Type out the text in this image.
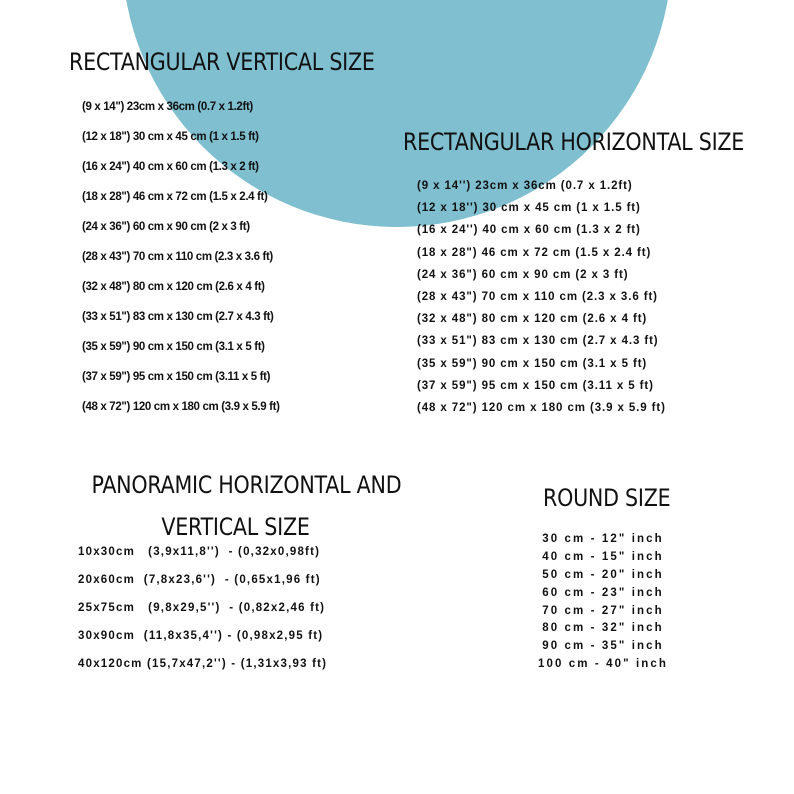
RECTANGULAR VERTICAL SIZE
(9 x 14") 23cm x 36cm (0.7 x 1.2ft)
(12 x 18") 30 cm x 45 cm (1 x 1.5 ft)
(16 x 24") 40 cm x 60 cm (1.3 x 2 ft)
(18 x 28") 46 cm x 72 cm (1.5 x 2.4 ft)
(24 x 36") 60 cm x 90 cm (2 x 3 ft)
(28 x 43") 70 cm x 110 cm (2.3 x 3.6 ft)
(32 x 48") 80 cm x 120 cm (2.6 x 4 ft)
(33 x 51") 83 cm x 130 cm (2.7 x 4.3 ft)
(35 x 59") 90 cm x 150 cm (3.1 x 5 ft)
(37 x 59") 95 cm x 150 cm (3.11 x 5 ft)
(48 x 72") 120 cm x 180 cm (3.9 x 5.9 ft)
RECTANGULAR HORIZONTAL SIZE
(9 x 14'') 23cm x 36cm (0.7 x 1.2ft)
(12 x 18'') 30 cm x 45 cm (1 x 1.5 ft)
(16 x 24'') 40 cm x 60 cm (1.3 x 2 ft)
(18 x 28") 46 cm x 72 cm (1.5 x 2.4 ft)
(24 x 36") 60 cm x 90 cm (2 x 3 ft)
(28 x 43") 70 cm x 110 cm (2.3 x 3.6 ft)
(32 x 48") 80 cm x 120 cm (2.6 x 4 ft)
(33 x 51") 83 cm x 130 cm (2.7 x 4.3 ft)
(35 x 59") 90 cm x 150 cm (3.1 x 5 ft)
(37 x 59") 95 cm x 150 cm (3.11 x 5 ft)
(48 x 72") 120 cm x 180 cm (3.9 x 5.9 ft)
PANORAMIC HORIZONTAL AND
VERTICAL SIZE
10x30cm   (3,9x11,8'')  - (0,32x0,98ft)
20x60cm  (7,8x23,6'')  - (0,65x1,96 ft)
25x75cm   (9,8x29,5'')  - (0,82x2,46 ft)
30x90cm  (11,8x35,4'') - (0,98x2,95 ft)
40x120cm (15,7x47,2'') - (1,31x3,93 ft)
ROUND SIZE
30 cm - 12" inch
40 cm - 15" inch
50 cm - 20" inch
60 cm - 23" inch
70 cm - 27" inch
80 cm - 32" inch
90 cm - 35" inch
100 cm - 40" inch
